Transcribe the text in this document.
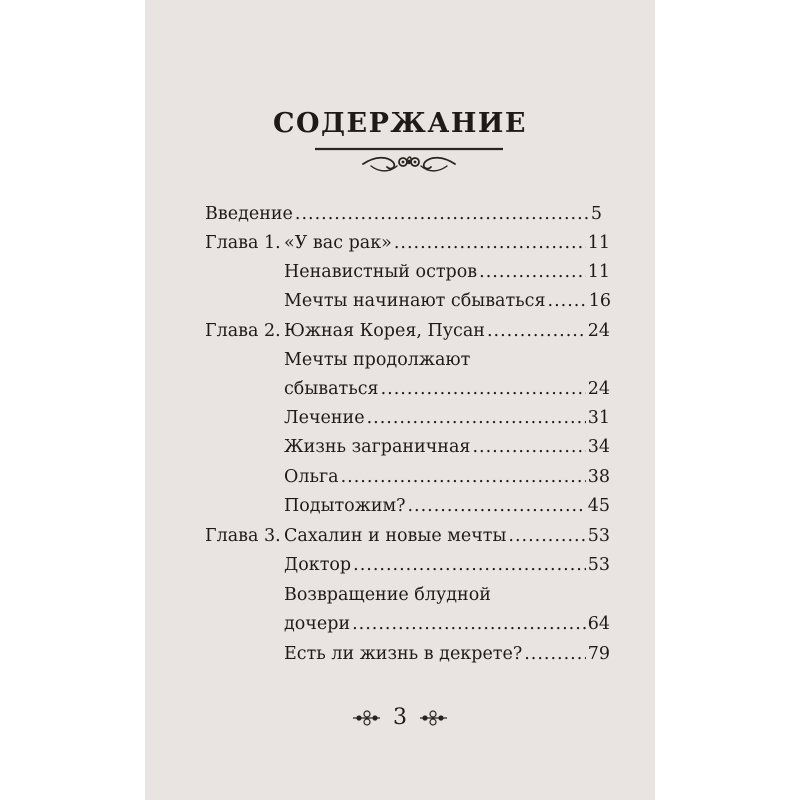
СОДЕРЖАНИЕ
Введение .....	5
Глава 1. «У вас рак» .....	11
Ненавистный остров .....	11
Мечты начинают сбываться ..... 16
Глава 2. Южная Корея, Пусан .....	24
Мечты продолжают
сбываться .....	24
Лечение .....	31
Жизнь заграничная .....	34
Ольга .....	38
Подытожим? .....	45
Глава 3. Сахалин и новые мечты .....	53
Доктор .....	53
Возвращение блудной
дочери .....	64
Есть ли жизнь в декрете? .....	79
3
